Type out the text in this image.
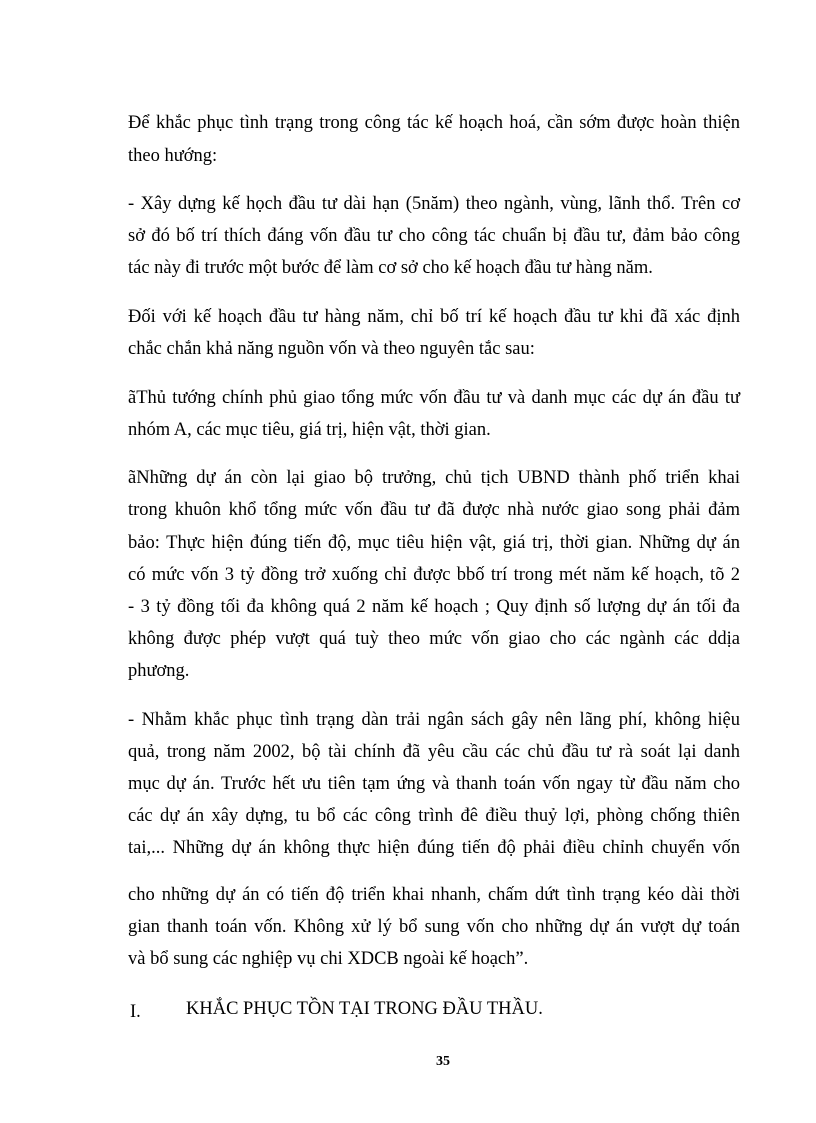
Để khắc phục tình trạng trong công tác kế hoạch hoá, cần sớm được hoàn thiện
theo hướng:
- Xây dựng kế họch đầu tư dài hạn (5năm) theo ngành, vùng, lãnh thổ. Trên cơ
sở đó bố trí thích đáng vốn đầu tư cho công tác chuẩn bị đầu tư, đảm bảo công
tác này đi trước một bước để làm cơ sở cho kế hoạch đầu tư hàng năm.
Đối với kế hoạch đầu tư hàng năm, chỉ bố trí kế hoạch đầu tư khi đã xác định
chắc chắn khả năng nguồn vốn và theo nguyên tắc sau:
ãThủ tướng chính phủ giao tổng mức vốn đầu tư và danh mục các dự án đầu tư
nhóm A, các mục tiêu, giá trị, hiện vật, thời gian.
ãNhững dự án còn lại giao bộ trưởng, chủ tịch UBND thành phố triển khai
trong khuôn khổ tổng mức vốn đầu tư đã được nhà nước giao song phải đảm
bảo: Thực hiện đúng tiến độ, mục tiêu hiện vật, giá trị, thời gian. Những dự án
có mức vốn 3 tỷ đồng trở xuống chỉ được bbố trí trong mét năm kế hoạch, tõ 2
- 3 tỷ đồng tối đa không quá 2 năm kế hoạch ; Quy định số lượng dự án tối đa
không được phép vượt quá tuỳ theo mức vốn giao cho các ngành các ddịa
phương.
- Nhằm khắc phục tình trạng dàn trải ngân sách gây nên lãng phí, không hiệu
quả, trong năm 2002, bộ tài chính đã yêu cầu các chủ đầu tư rà soát lại danh
mục dự án. Trước hết ưu tiên tạm ứng và thanh toán vốn ngay từ đầu năm cho
các dự án xây dựng, tu bổ các công trình đê điều thuỷ lợi, phòng chống thiên
tai,... Những dự án không thực hiện đúng tiến độ phải điều chỉnh chuyển vốn
cho những dự án có tiến độ triển khai nhanh, chấm dứt tình trạng kéo dài thời
gian thanh toán vốn. Không xử lý bổ sung vốn cho những dự án vượt dự toán
và bổ sung các nghiệp vụ chi XDCB ngoài kế hoạch”.
I. KHẮC PHỤC TỒN TẠI TRONG ĐẦU THẦU.
35
